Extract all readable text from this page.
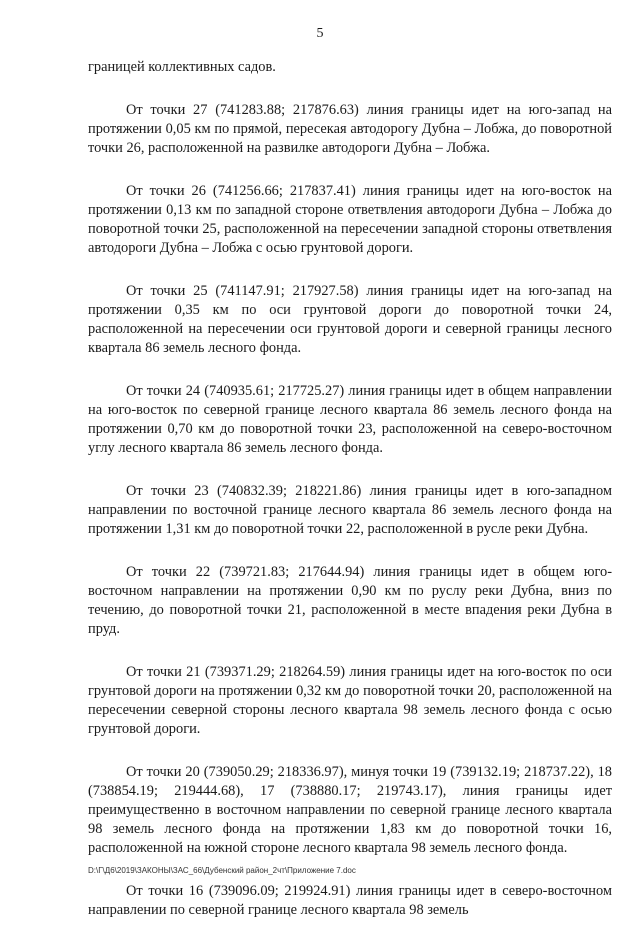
5

границей коллективных садов.

От точки 27 (741283.88; 217876.63) линия границы идет на юго-запад на протяжении 0,05 км по прямой, пересекая автодорогу Дубна – Лобжа, до поворотной точки 26, расположенной на развилке автодороги Дубна – Лобжа.

От точки 26 (741256.66; 217837.41) линия границы идет на юго-восток на протяжении 0,13 км по западной стороне ответвления автодороги Дубна – Лобжа до поворотной точки 25, расположенной на пересечении западной стороны ответвления автодороги Дубна – Лобжа с осью грунтовой дороги.

От точки 25 (741147.91; 217927.58) линия границы идет на юго-запад на протяжении 0,35 км по оси грунтовой дороги до поворотной точки 24, расположенной на пересечении оси грунтовой дороги и северной границы лесного квартала 86 земель лесного фонда.

От точки 24 (740935.61; 217725.27) линия границы идет в общем направлении на юго-восток по северной границе лесного квартала 86 земель лесного фонда на протяжении 0,70 км до поворотной точки 23, расположенной на северо-восточном углу лесного квартала 86 земель лесного фонда.

От точки 23 (740832.39; 218221.86) линия границы идет в юго-западном направлении по восточной границе лесного квартала 86 земель лесного фонда на протяжении 1,31 км до поворотной точки 22, расположенной в русле реки Дубна.

От точки 22 (739721.83; 217644.94) линия границы идет в общем юго-восточном направлении на протяжении 0,90 км по руслу реки Дубна, вниз по течению, до поворотной точки 21, расположенной в месте впадения реки Дубна в пруд.

От точки 21 (739371.29; 218264.59) линия границы идет на юго-восток по оси грунтовой дороги на протяжении 0,32 км до поворотной точки 20, расположенной на пересечении северной стороны лесного квартала 98 земель лесного фонда с осью грунтовой дороги.

От точки 20 (739050.29; 218336.97), минуя точки 19 (739132.19; 218737.22), 18 (738854.19; 219444.68), 17 (738880.17; 219743.17), линия границы идет преимущественно в восточном направлении по северной границе лесного квартала 98 земель лесного фонда на протяжении 1,83 км до поворотной точки 16, расположенной на южной стороне лесного квартала 98 земель лесного фонда.

От точки 16 (739096.09; 219924.91) линия границы идет в северо-восточном направлении по северной границе лесного квартала 98 земель

D:\Г\Д6\2019\ЗАКОНЫ\ЗАС_66\Дубенский район_2чт\Приложение 7.doc
